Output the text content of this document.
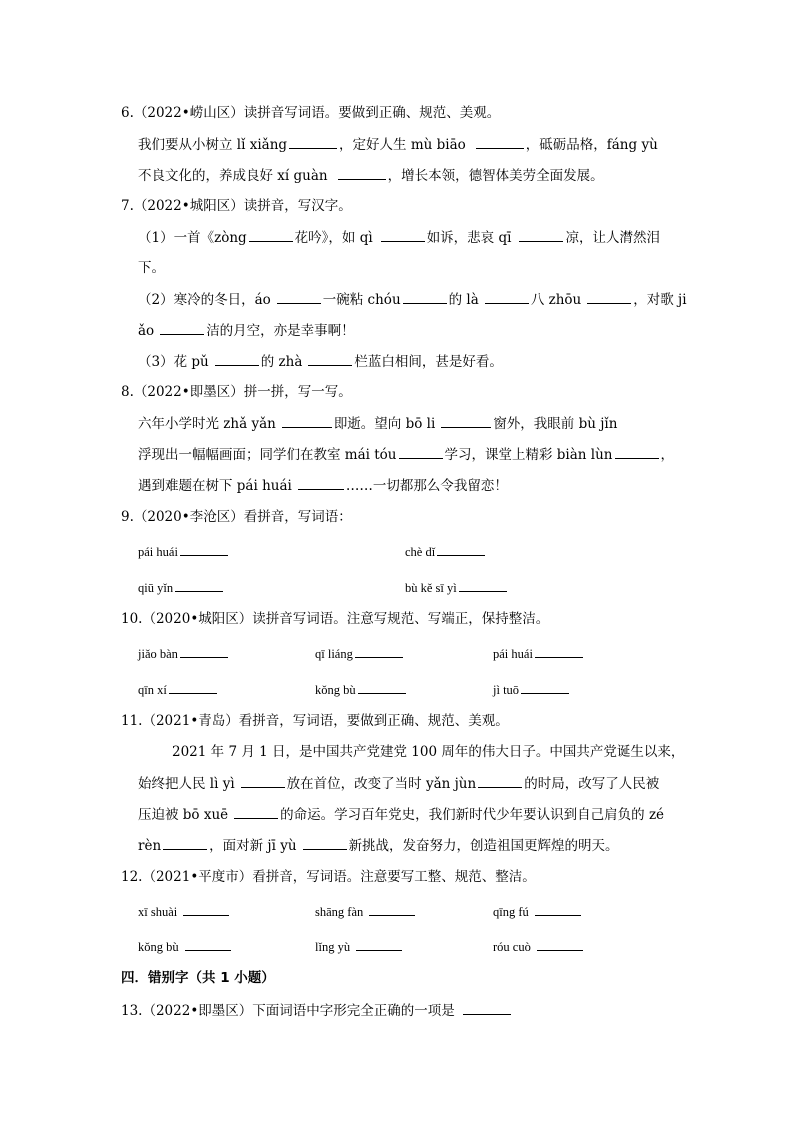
6.（2022•崂山区）读拼音写词语。要做到正确、规范、美观。
我们要从小树立 lǐ xiǎng	，定好人生 mù biāo	，砥砺品格，fáng yù
不良文化的，养成良好 xí guàn	，增长本领，德智体美劳全面发展。
7.（2022•城阳区）读拼音，写汉字。
（1）一首《zòng	花吟》，如 qì	如诉，悲哀 qī	凉，让人潸然泪
下。
（2）寒冷的冬日，áo	一碗粘 chóu	的 là	八 zhōu	，对歌 ji
ǎo	洁的月空，亦是幸事啊！
（3）花 pǔ	的 zhà	栏蓝白相间，甚是好看。
8.（2022•即墨区）拼一拼，写一写。
六年小学时光 zhǎ yǎn	即逝。望向 bō li	窗外，我眼前 bù jǐn
浮现出一幅幅画面；同学们在教室 mái tóu	学习，课堂上精彩 biàn lùn	，
遇到难题在树下 pái huái	……一切都那么令我留恋！
9.（2020•李沧区）看拼音，写词语：
pái huái	chè dǐ
qiū yǐn	bù kě sī yì
10.（2020•城阳区）读拼音写词语。注意写规范、写端正，保持整洁。
jiǎo bàn	qī liáng	pái huái
qīn xí	kǒng bù	jì tuō
11.（2021•青岛）看拼音，写词语，要做到正确、规范、美观。
2021 年 7 月 1 日，是中国共产党建党 100 周年的伟大日子。中国共产党诞生以来，
始终把人民 lì yì	放在首位，改变了当时 yǎn jùn	的时局，改写了人民被
压迫被 bō xuē	的命运。学习百年党史，我们新时代少年要认识到自己肩负的 zé
rèn	，面对新 jī yù	新挑战，发奋努力，创造祖国更辉煌的明天。
12.（2021•平度市）看拼音，写词语。注意要写工整、规范、整洁。
xī shuài	shāng fàn	qīng fú
kǒng bù	lǐng yù	róu cuò
四．错别字（共 1 小题）
13.（2022•即墨区）下面词语中字形完全正确的一项是
